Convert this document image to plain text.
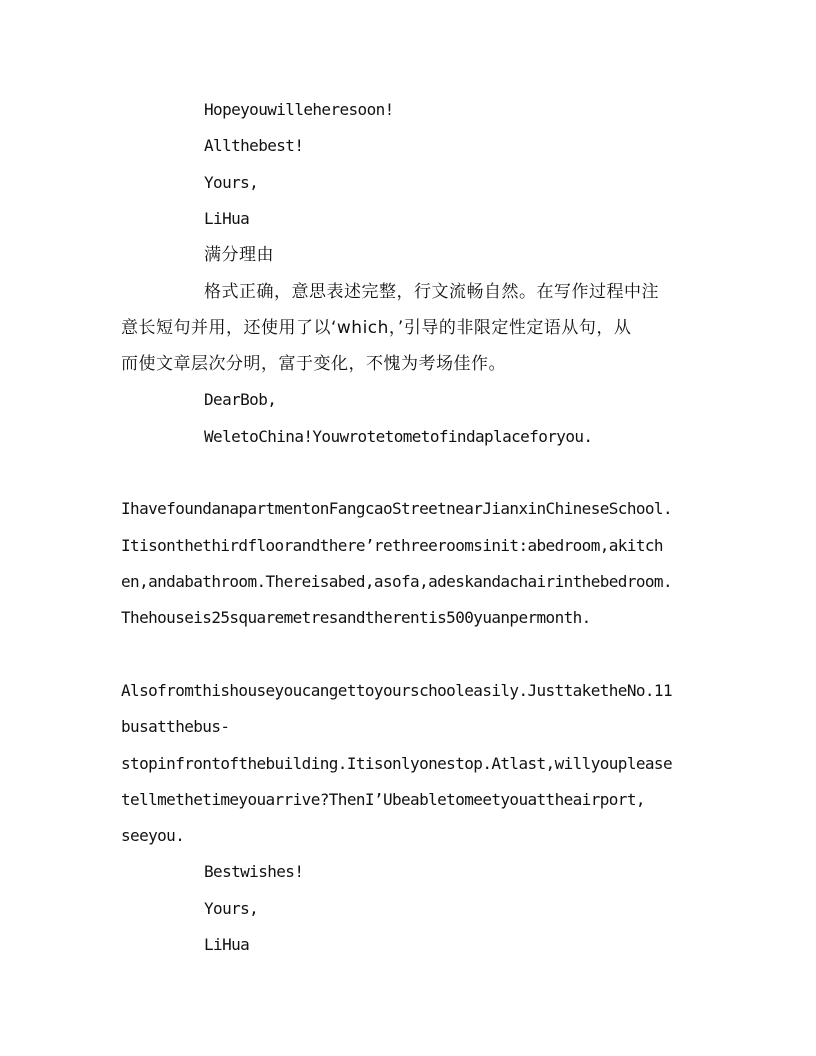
Hopeyouwilleheresoon!
Allthebest!
Yours,
LiHua
满分理由
格式正确，意思表述完整，行文流畅自然。在写作过程中注
意长短句并用，还使用了以‘which，’引导的非限定性定语从句，从
而使文章层次分明，富于变化，不愧为考场佳作。
DearBob,
WeletoChina!Youwrotetometofindaplaceforyou.
IhavefoundanapartmentonFangcaoStreetnearJianxinChineseSchool.
Itisonthethirdfloorandthere’rethreeroomsinit:abedroom,akitch
en,andabathroom.Thereisabed,asofa,adeskandachairinthebedroom.
Thehouseis25squaremetresandtherentis500yuanpermonth.
Alsofromthishouseyoucangettoyourschooleasily.JusttaketheNo.11
busatthebus-
stopinfrontofthebuilding.Itisonlyonestop.Atlast,willyouplease
tellmethetimeyouarrive?ThenI’Ubeabletomeetyouattheairport,
seeyou.
Bestwishes!
Yours,
LiHua
